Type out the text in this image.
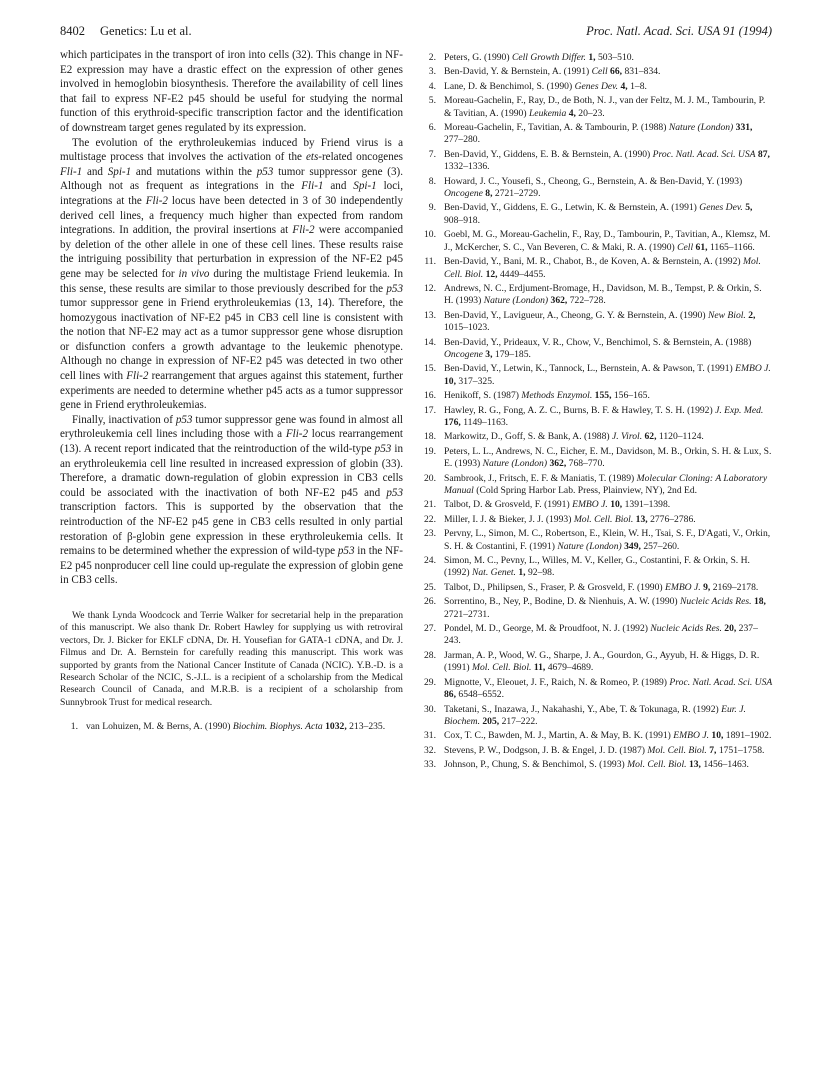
8402 Genetics: Lu et al.	Proc. Natl. Acad. Sci. USA 91 (1994)

which participates in the transport of iron into cells (32). This change in NF-E2 expression may have a drastic effect on the expression of other genes involved in hemoglobin biosynthesis. Therefore the availability of cell lines that fail to express NF-E2 p45 should be useful for studying the normal function of this erythroid-specific transcription factor and the identification of downstream target genes regulated by its expression.

The evolution of the erythroleukemias induced by Friend virus is a multistage process that involves the activation of the ets-related oncogenes Fli-1 and Spi-1 and mutations within the p53 tumor suppressor gene (3). Although not as frequent as integrations in the Fli-1 and Spi-1 loci, integrations at the Fli-2 locus have been detected in 3 of 30 independently derived cell lines, a frequency much higher than expected from random integrations. In addition, the proviral insertions at Fli-2 were accompanied by deletion of the other allele in one of these cell lines. These results raise the intriguing possibility that perturbation in expression of the NF-E2 p45 gene may be selected for in vivo during the multistage Friend leukemia. In this sense, these results are similar to those previously described for the p53 tumor suppressor gene in Friend erythroleukemias (13, 14). Therefore, the homozygous inactivation of NF-E2 p45 in CB3 cell line is consistent with the notion that NF-E2 may act as a tumor suppressor gene whose disruption or disfunction confers a growth advantage to the leukemic phenotype. Although no change in expression of NF-E2 p45 was detected in two other cell lines with Fli-2 rearrangement that argues against this statement, further experiments are needed to determine whether p45 acts as a tumor suppressor gene in Friend erythroleukemias.

Finally, inactivation of p53 tumor suppressor gene was found in almost all erythroleukemia cell lines including those with a Fli-2 locus rearrangement (13). A recent report indicated that the reintroduction of the wild-type p53 in an erythroleukemia cell line resulted in increased expression of globin (33). Therefore, a dramatic down-regulation of globin expression in CB3 cells could be associated with the inactivation of both NF-E2 p45 and p53 transcription factors. This is supported by the observation that the reintroduction of the NF-E2 p45 gene in CB3 cells resulted in only partial restoration of β-globin gene expression in these erythroleukemia cells. It remains to be determined whether the expression of wild-type p53 in the NF-E2 p45 nonproducer cell line could up-regulate the expression of globin gene in CB3 cells.

We thank Lynda Woodcock and Terrie Walker for secretarial help in the preparation of this manuscript. We also thank Dr. Robert Hawley for supplying us with retroviral vectors, Dr. J. Bicker for EKLF cDNA, Dr. H. Yousefian for GATA-1 cDNA, and Dr. J. Filmus and Dr. A. Bernstein for carefully reading this manuscript. This work was supported by grants from the National Cancer Institute of Canada (NCIC). Y.B.-D. is a Research Scholar of the NCIC, S.-J.L. is a recipient of a scholarship from the Medical Research Council of Canada, and M.R.B. is a recipient of a scholarship from Sunnybrook Trust for medical research.

1. van Lohuizen, M. & Berns, A. (1990) Biochim. Biophys. Acta 1032, 213–235.
2. Peters, G. (1990) Cell Growth Differ. 1, 503–510.
3. Ben-David, Y. & Bernstein, A. (1991) Cell 66, 831–834.
4. Lane, D. & Benchimol, S. (1990) Genes Dev. 4, 1–8.
5. Moreau-Gachelin, F., Ray, D., de Both, N. J., van der Feltz, M. J. M., Tambourin, P. & Tavitian, A. (1990) Leukemia 4, 20–23.
6. Moreau-Gachelin, F., Tavitian, A. & Tambourin, P. (1988) Nature (London) 331, 277–280.
7. Ben-David, Y., Giddens, E. B. & Bernstein, A. (1990) Proc. Natl. Acad. Sci. USA 87, 1332–1336.
8. Howard, J. C., Yousefi, S., Cheong, G., Bernstein, A. & Ben-David, Y. (1993) Oncogene 8, 2721–2729.
9. Ben-David, Y., Giddens, E. G., Letwin, K. & Bernstein, A. (1991) Genes Dev. 5, 908–918.
10. Goebl, M. G., Moreau-Gachelin, F., Ray, D., Tambourin, P., Tavitian, A., Klemsz, M. J., McKercher, S. C., Van Beveren, C. & Maki, R. A. (1990) Cell 61, 1165–1166.
11. Ben-David, Y., Bani, M. R., Chabot, B., de Koven, A. & Bernstein, A. (1992) Mol. Cell. Biol. 12, 4449–4455.
12. Andrews, N. C., Erdjument-Bromage, H., Davidson, M. B., Tempst, P. & Orkin, S. H. (1993) Nature (London) 362, 722–728.
13. Ben-David, Y., Lavigueur, A., Cheong, G. Y. & Bernstein, A. (1990) New Biol. 2, 1015–1023.
14. Ben-David, Y., Prideaux, V. R., Chow, V., Benchimol, S. & Bernstein, A. (1988) Oncogene 3, 179–185.
15. Ben-David, Y., Letwin, K., Tannock, L., Bernstein, A. & Pawson, T. (1991) EMBO J. 10, 317–325.
16. Henikoff, S. (1987) Methods Enzymol. 155, 156–165.
17. Hawley, R. G., Fong, A. Z. C., Burns, B. F. & Hawley, T. S. H. (1992) J. Exp. Med. 176, 1149–1163.
18. Markowitz, D., Goff, S. & Bank, A. (1988) J. Virol. 62, 1120–1124.
19. Peters, L. L., Andrews, N. C., Eicher, E. M., Davidson, M. B., Orkin, S. H. & Lux, S. E. (1993) Nature (London) 362, 768–770.
20. Sambrook, J., Fritsch, E. F. & Maniatis, T. (1989) Molecular Cloning: A Laboratory Manual (Cold Spring Harbor Lab. Press, Plainview, NY), 2nd Ed.
21. Talbot, D. & Grosveld, F. (1991) EMBO J. 10, 1391–1398.
22. Miller, I. J. & Bieker, J. J. (1993) Mol. Cell. Biol. 13, 2776–2786.
23. Pervny, L., Simon, M. C., Robertson, E., Klein, W. H., Tsai, S. F., D'Agati, V., Orkin, S. H. & Costantini, F. (1991) Nature (London) 349, 257–260.
24. Simon, M. C., Pevny, L., Willes, M. V., Keller, G., Costantini, F. & Orkin, S. H. (1992) Nat. Genet. 1, 92–98.
25. Talbot, D., Philipsen, S., Fraser, P. & Grosveld, F. (1990) EMBO J. 9, 2169–2178.
26. Sorrentino, B., Ney, P., Bodine, D. & Nienhuis, A. W. (1990) Nucleic Acids Res. 18, 2721–2731.
27. Pondel, M. D., George, M. & Proudfoot, N. J. (1992) Nucleic Acids Res. 20, 237–243.
28. Jarman, A. P., Wood, W. G., Sharpe, J. A., Gourdon, G., Ayyub, H. & Higgs, D. R. (1991) Mol. Cell. Biol. 11, 4679–4689.
29. Mignotte, V., Eleouet, J. F., Raich, N. & Romeo, P. (1989) Proc. Natl. Acad. Sci. USA 86, 6548–6552.
30. Taketani, S., Inazawa, J., Nakahashi, Y., Abe, T. & Tokunaga, R. (1992) Eur. J. Biochem. 205, 217–222.
31. Cox, T. C., Bawden, M. J., Martin, A. & May, B. K. (1991) EMBO J. 10, 1891–1902.
32. Stevens, P. W., Dodgson, J. B. & Engel, J. D. (1987) Mol. Cell. Biol. 7, 1751–1758.
33. Johnson, P., Chung, S. & Benchimol, S. (1993) Mol. Cell. Biol. 13, 1456–1463.
